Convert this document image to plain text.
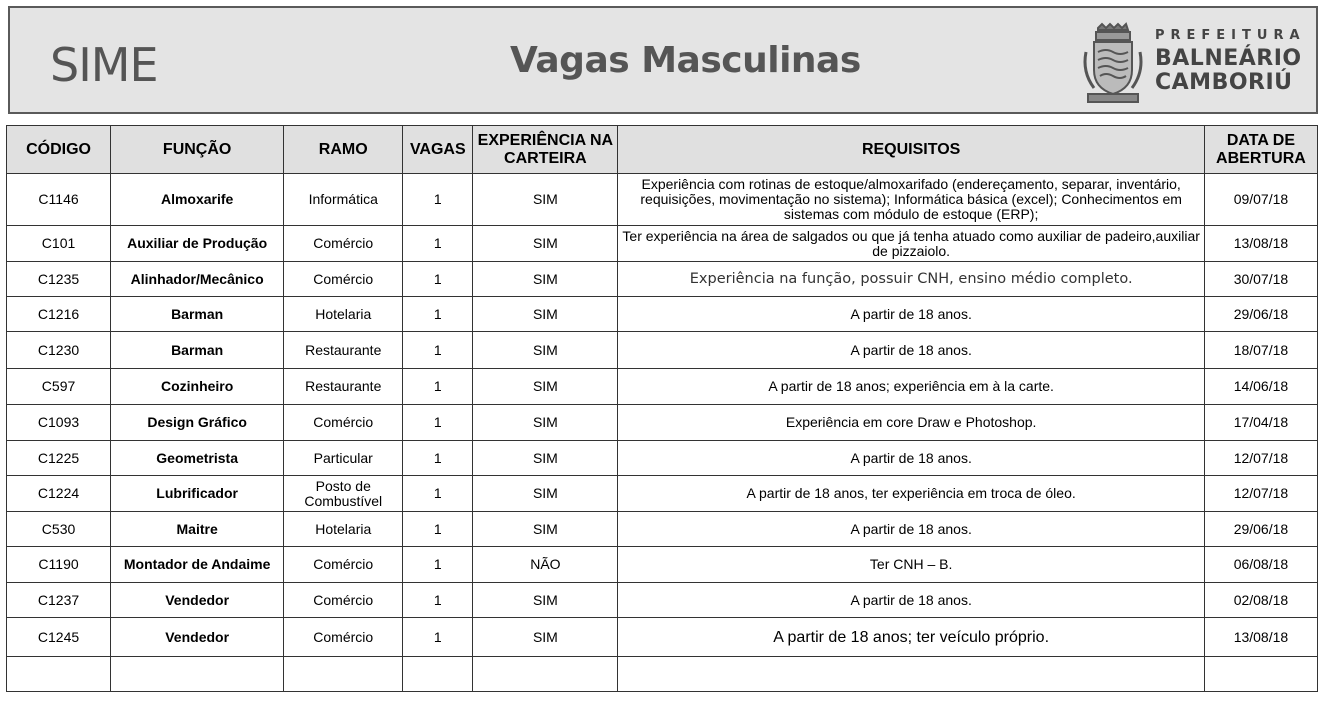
SIME	Vagas Masculinas
PREFEITURA
BALNEÁRIO
CAMBORIÚ
CÓDIGO	FUNÇÃO	RAMO	VAGAS	EXPERIÊNCIA NA CARTEIRA	REQUISITOS	DATA DE ABERTURA
C1146	Almoxarife	Informática	1	SIM	Experiência com rotinas de estoque/almoxarifado (endereçamento, separar, inventário, requisições, movimentação no sistema); Informática básica (excel); Conhecimentos em sistemas com módulo de estoque (ERP);	09/07/18
C101	Auxiliar de Produção	Comércio	1	SIM	Ter experiência na área de salgados ou que já tenha atuado como auxiliar de padeiro,auxiliar de pizzaiolo.	13/08/18
C1235	Alinhador/Mecânico	Comércio	1	SIM	Experiência na função, possuir CNH, ensino médio completo.	30/07/18
C1216	Barman	Hotelaria	1	SIM	A partir de 18 anos.	29/06/18
C1230	Barman	Restaurante	1	SIM	A partir de 18 anos.	18/07/18
C597	Cozinheiro	Restaurante	1	SIM	A partir de 18 anos; experiência em à la carte.	14/06/18
C1093	Design Gráfico	Comércio	1	SIM	Experiência em core Draw e Photoshop.	17/04/18
C1225	Geometrista	Particular	1	SIM	A partir de 18 anos.	12/07/18
C1224	Lubrificador	Posto de Combustível	1	SIM	A partir de 18 anos, ter experiência em troca de óleo.	12/07/18
C530	Maitre	Hotelaria	1	SIM	A partir de 18 anos.	29/06/18
C1190	Montador de Andaime	Comércio	1	NÃO	Ter CNH – B.	06/08/18
C1237	Vendedor	Comércio	1	SIM	A partir de 18 anos.	02/08/18
C1245	Vendedor	Comércio	1	SIM	A partir de 18 anos; ter veículo próprio.	13/08/18
